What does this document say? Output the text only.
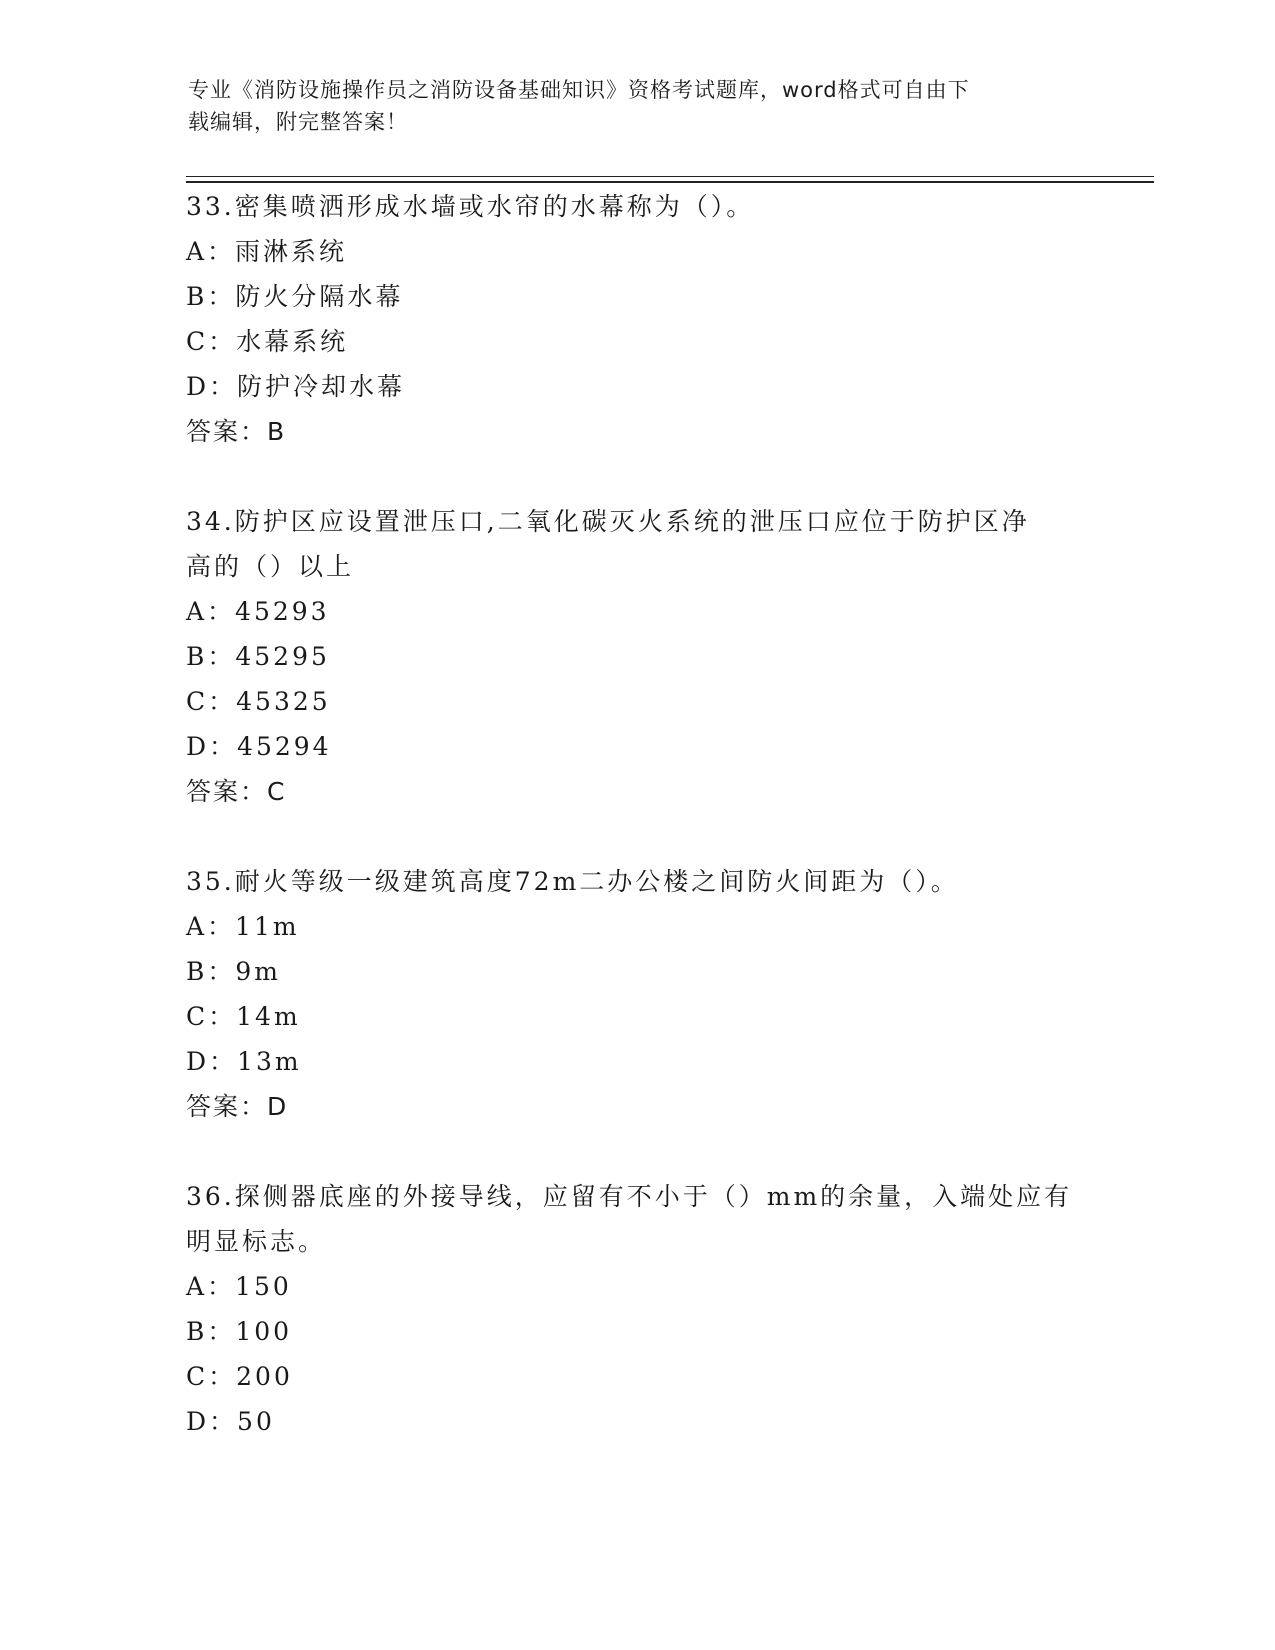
专业《消防设施操作员之消防设备基础知识》资格考试题库，word格式可自由下
载编辑，附完整答案！
33.密集喷洒形成水墙或水帘的水幕称为（）。
A：雨淋系统
B：防火分隔水幕
C：水幕系统
D：防护冷却水幕
答案：B
34.防护区应设置泄压口,二氧化碳灭火系统的泄压口应位于防护区净
高的（）以上
A：45293
B：45295
C：45325
D：45294
答案：C
35.耐火等级一级建筑高度72m二办公楼之间防火间距为（）。
A：11m
B：9m
C：14m
D：13m
答案：D
36.探侧器底座的外接导线，应留有不小于（）mm的余量，入端处应有
明显标志。
A：150
B：100
C：200
D：50
